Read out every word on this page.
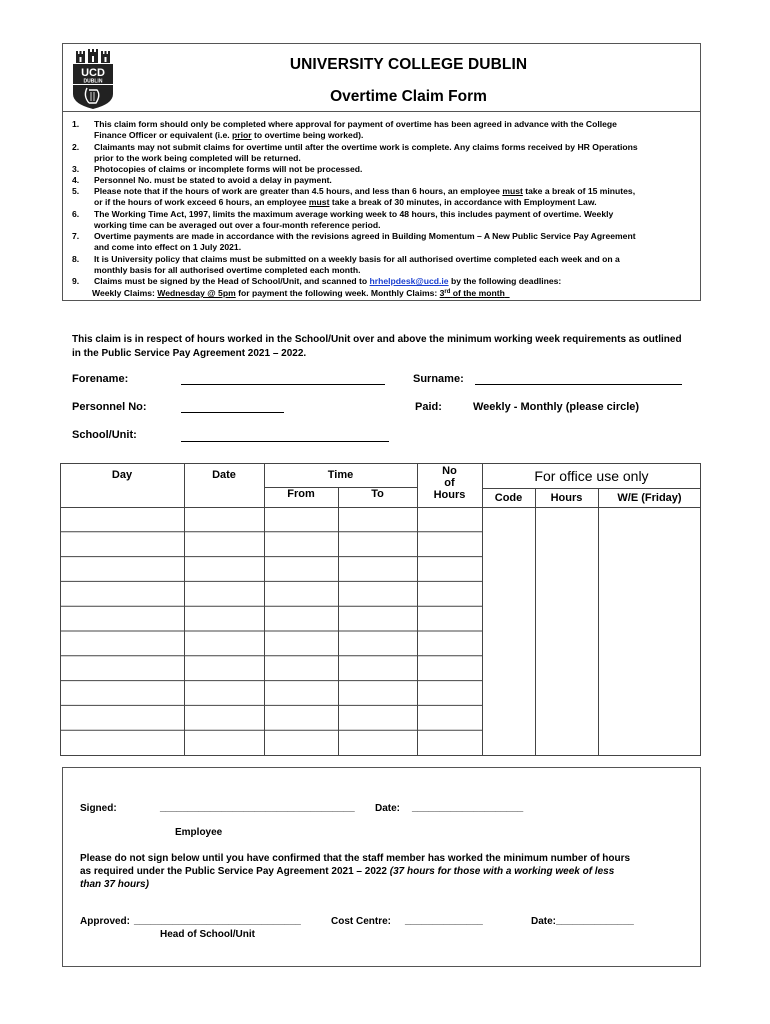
UCD
DUBLIN
UNIVERSITY COLLEGE DUBLIN
Overtime Claim Form
1. This claim form should only be completed where approval for payment of overtime has been agreed in advance with the College
Finance Officer or equivalent (i.e. prior to overtime being worked).
2. Claimants may not submit claims for overtime until after the overtime work is complete. Any claims forms received by HR Operations
prior to the work being completed will be returned.
3. Photocopies of claims or incomplete forms will not be processed.
4. Personnel No. must be stated to avoid a delay in payment.
5. Please note that if the hours of work are greater than 4.5 hours, and less than 6 hours, an employee must take a break of 15 minutes,
or if the hours of work exceed 6 hours, an employee must take a break of 30 minutes, in accordance with Employment Law.
6. The Working Time Act, 1997, limits the maximum average working week to 48 hours, this includes payment of overtime. Weekly
working time can be averaged out over a four-month reference period.
7. Overtime payments are made in accordance with the revisions agreed in Building Momentum – A New Public Service Pay Agreement
and come into effect on 1 July 2021.
8. It is University policy that claims must be submitted on a weekly basis for all authorised overtime completed each week and on a
monthly basis for all authorised overtime completed each month.
9. Claims must be signed by the Head of School/Unit, and scanned to hrhelpdesk@ucd.ie by the following deadlines:
Weekly Claims: Wednesday @ 5pm for payment the following week. Monthly Claims: 3rd of the month
This claim is in respect of hours worked in the School/Unit over and above the minimum working week requirements as outlined in the Public Service Pay Agreement 2021 – 2022.
Forename:	Surname:
Personnel No:	Paid:	Weekly - Monthly (please circle)
School/Unit:
Day	Date	Time
From	To
No
of
Hours
For office use only
Code	Hours	W/E (Friday)
Signed:	___________________________________ Date: ____________________
Employee
Please do not sign below until you have confirmed that the staff member has worked the minimum number of hours
as required under the Public Service Pay Agreement 2021 – 2022 (37 hours for those with a working week of less
than 37 hours)
Approved: ______________________________	Cost Centre: ______________	Date: ______________
Head of School/Unit
